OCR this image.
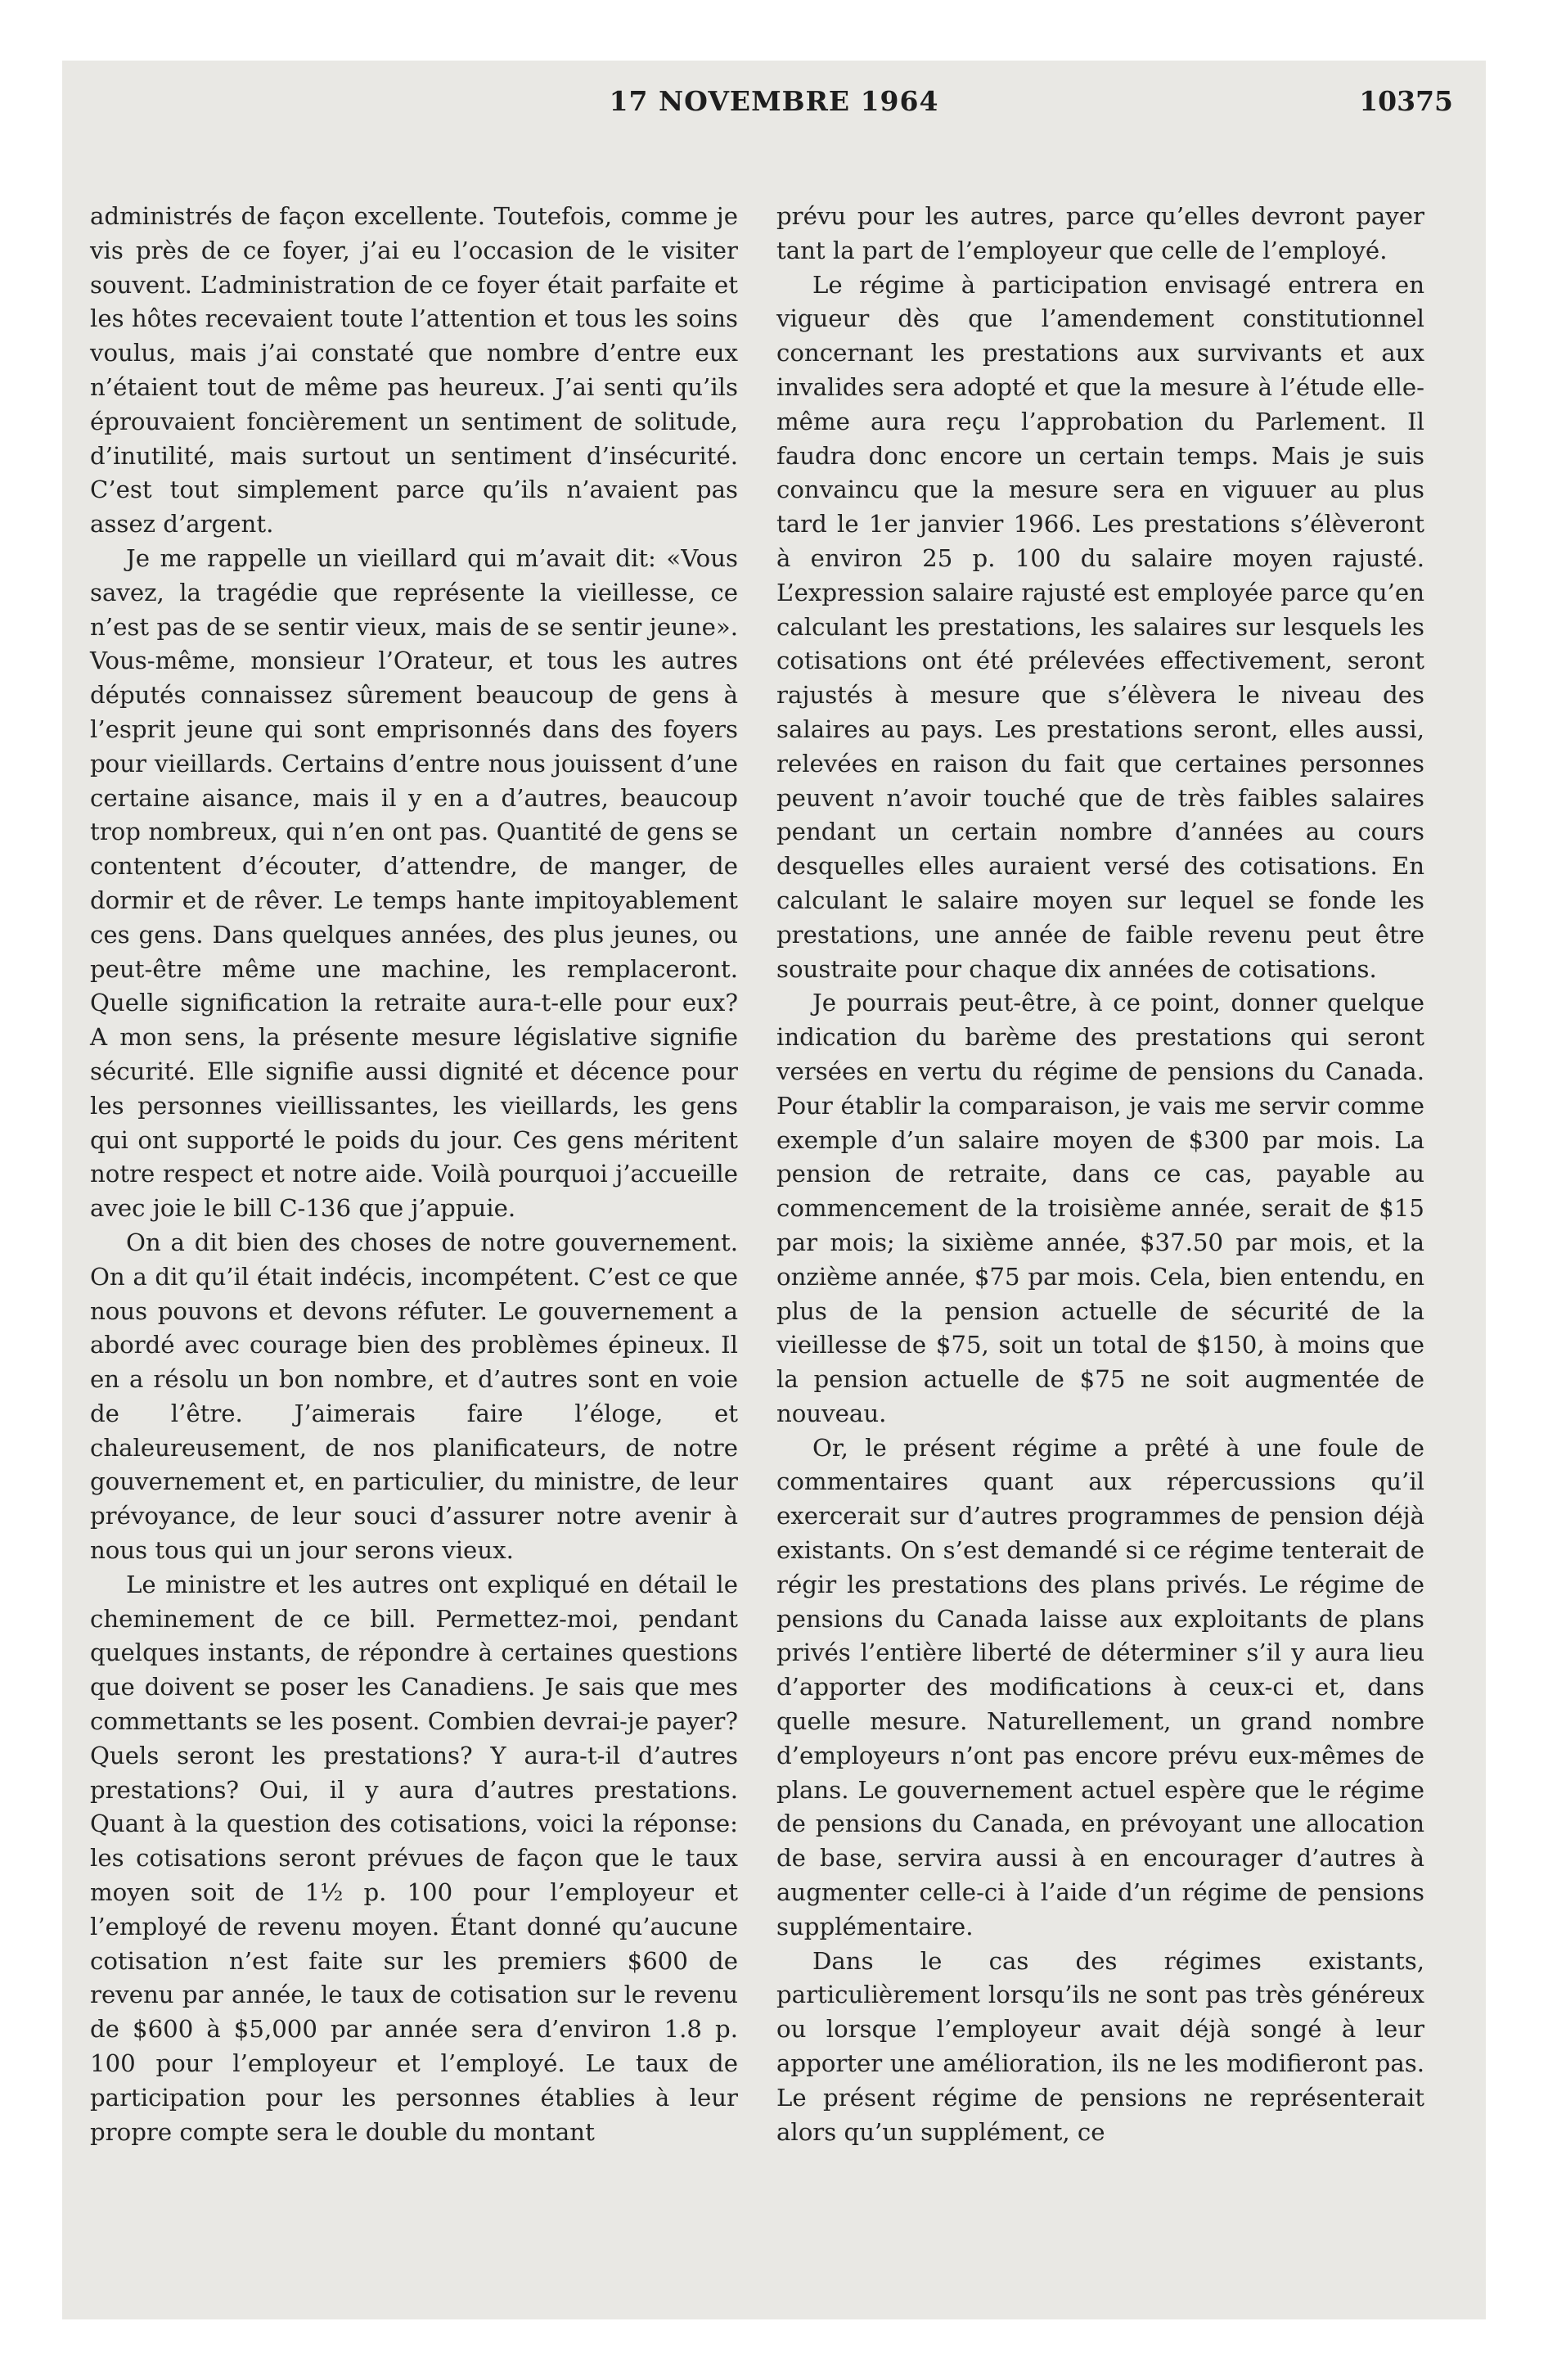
17 NOVEMBRE 1964	10375

administrés de façon excellente. Toutefois, comme je vis près de ce foyer, j’ai eu l’occasion de le visiter souvent. L’administration de ce foyer était parfaite et les hôtes recevaient toute l’attention et tous les soins voulus, mais j’ai constaté que nombre d’entre eux n’étaient tout de même pas heureux. J’ai senti qu’ils éprouvaient foncièrement un sentiment de solitude, d’inutilité, mais surtout un sentiment d’insécurité. C’est tout simplement parce qu’ils n’avaient pas assez d’argent.

Je me rappelle un vieillard qui m’avait dit: «Vous savez, la tragédie que représente la vieillesse, ce n’est pas de se sentir vieux, mais de se sentir jeune». Vous-même, monsieur l’Orateur, et tous les autres députés connaissez sûrement beaucoup de gens à l’esprit jeune qui sont emprisonnés dans des foyers pour vieillards. Certains d’entre nous jouissent d’une certaine aisance, mais il y en a d’autres, beaucoup trop nombreux, qui n’en ont pas. Quantité de gens se contentent d’écouter, d’attendre, de manger, de dormir et de rêver. Le temps hante impitoyablement ces gens. Dans quelques années, des plus jeunes, ou peut-être même une machine, les remplaceront. Quelle signification la retraite aura-t-elle pour eux? A mon sens, la présente mesure législative signifie sécurité. Elle signifie aussi dignité et décence pour les personnes vieillissantes, les vieillards, les gens qui ont supporté le poids du jour. Ces gens méritent notre respect et notre aide. Voilà pourquoi j’accueille avec joie le bill C-136 que j’appuie.

On a dit bien des choses de notre gouvernement. On a dit qu’il était indécis, incompétent. C’est ce que nous pouvons et devons réfuter. Le gouvernement a abordé avec courage bien des problèmes épineux. Il en a résolu un bon nombre, et d’autres sont en voie de l’être. J’aimerais faire l’éloge, et chaleureusement, de nos planificateurs, de notre gouvernement et, en particulier, du ministre, de leur prévoyance, de leur souci d’assurer notre avenir à nous tous qui un jour serons vieux.

Le ministre et les autres ont expliqué en détail le cheminement de ce bill. Permettez-moi, pendant quelques instants, de répondre à certaines questions que doivent se poser les Canadiens. Je sais que mes commettants se les posent. Combien devrai-je payer? Quels seront les prestations? Y aura-t-il d’autres prestations? Oui, il y aura d’autres prestations. Quant à la question des cotisations, voici la réponse: les cotisations seront prévues de façon que le taux moyen soit de 1½ p. 100 pour l’employeur et l’employé de revenu moyen. Étant donné qu’aucune cotisation n’est faite sur les premiers $600 de revenu par année, le taux de cotisation sur le revenu de $600 à $5,000 par année sera d’environ 1.8 p. 100 pour l’employeur et l’employé. Le taux de participation pour les personnes établies à leur propre compte sera le double du montant

prévu pour les autres, parce qu’elles devront payer tant la part de l’employeur que celle de l’employé.

Le régime à participation envisagé entrera en vigueur dès que l’amendement constitutionnel concernant les prestations aux survivants et aux invalides sera adopté et que la mesure à l’étude elle-même aura reçu l’approbation du Parlement. Il faudra donc encore un certain temps. Mais je suis convaincu que la mesure sera en viguuer au plus tard le 1er janvier 1966. Les prestations s’élèveront à environ 25 p. 100 du salaire moyen rajusté. L’expression salaire rajusté est employée parce qu’en calculant les prestations, les salaires sur lesquels les cotisations ont été prélevées effectivement, seront rajustés à mesure que s’élèvera le niveau des salaires au pays. Les prestations seront, elles aussi, relevées en raison du fait que certaines personnes peuvent n’avoir touché que de très faibles salaires pendant un certain nombre d’années au cours desquelles elles auraient versé des cotisations. En calculant le salaire moyen sur lequel se fonde les prestations, une année de faible revenu peut être soustraite pour chaque dix années de cotisations.

Je pourrais peut-être, à ce point, donner quelque indication du barème des prestations qui seront versées en vertu du régime de pensions du Canada. Pour établir la comparaison, je vais me servir comme exemple d’un salaire moyen de $300 par mois. La pension de retraite, dans ce cas, payable au commencement de la troisième année, serait de $15 par mois; la sixième année, $37.50 par mois, et la onzième année, $75 par mois. Cela, bien entendu, en plus de la pension actuelle de sécurité de la vieillesse de $75, soit un total de $150, à moins que la pension actuelle de $75 ne soit augmentée de nouveau.

Or, le présent régime a prêté à une foule de commentaires quant aux répercussions qu’il exercerait sur d’autres programmes de pension déjà existants. On s’est demandé si ce régime tenterait de régir les prestations des plans privés. Le régime de pensions du Canada laisse aux exploitants de plans privés l’entière liberté de déterminer s’il y aura lieu d’apporter des modifications à ceux-ci et, dans quelle mesure. Naturellement, un grand nombre d’employeurs n’ont pas encore prévu eux-mêmes de plans. Le gouvernement actuel espère que le régime de pensions du Canada, en prévoyant une allocation de base, servira aussi à en encourager d’autres à augmenter celle-ci à l’aide d’un régime de pensions supplémentaire.

Dans le cas des régimes existants, particulièrement lorsqu’ils ne sont pas très généreux ou lorsque l’employeur avait déjà songé à leur apporter une amélioration, ils ne les modifieront pas. Le présent régime de pensions ne représenterait alors qu’un supplément, ce
